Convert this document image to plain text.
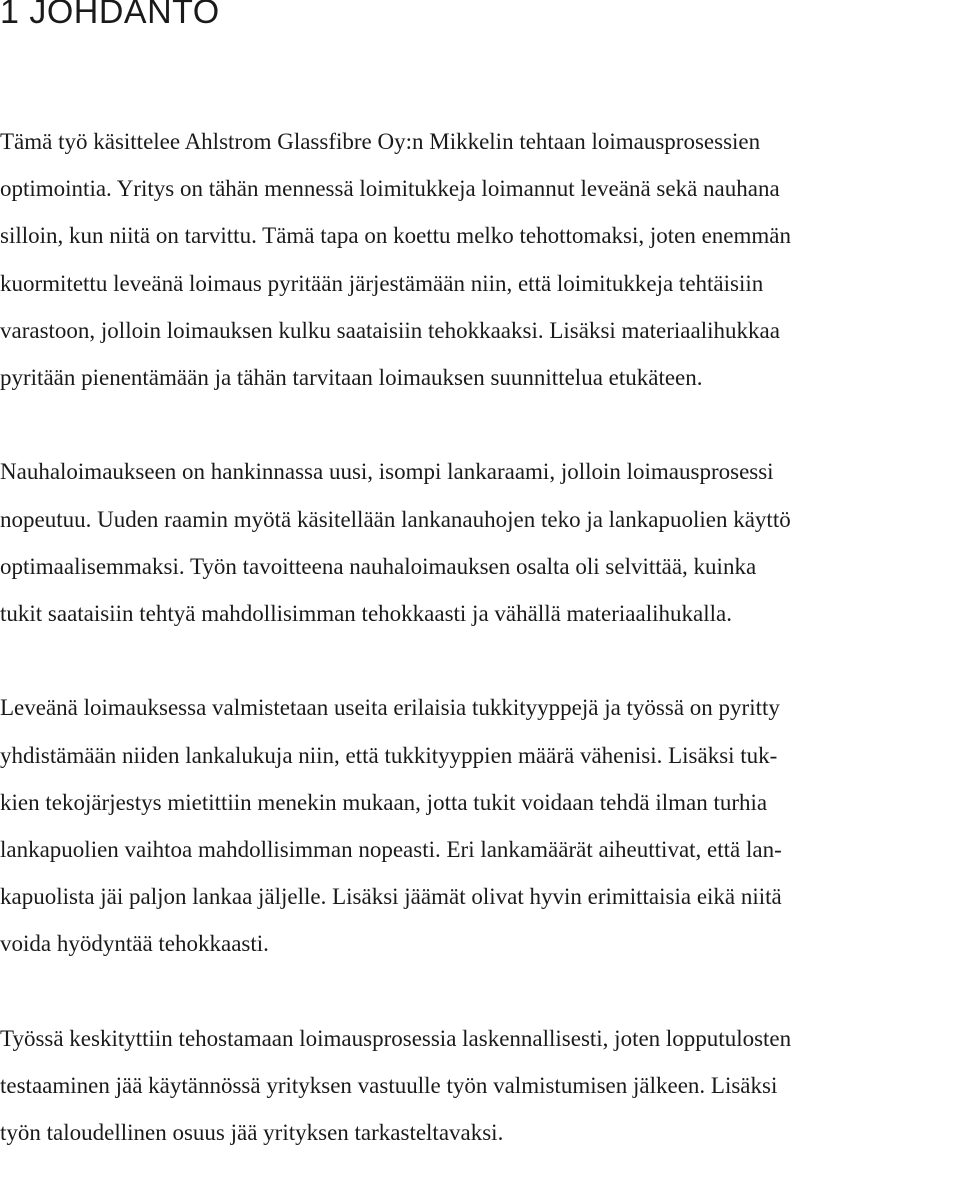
1 JOHDANTO

Tämä työ käsittelee Ahlstrom Glassfibre Oy:n Mikkelin tehtaan loimausprosessien
optimointia. Yritys on tähän mennessä loimitukkeja loimannut leveänä sekä nauhana
silloin, kun niitä on tarvittu. Tämä tapa on koettu melko tehottomaksi, joten enemmän
kuormitettu leveänä loimaus pyritään järjestämään niin, että loimitukkeja tehtäisiin
varastoon, jolloin loimauksen kulku saataisiin tehokkaaksi. Lisäksi materiaalihukkaa
pyritään pienentämään ja tähän tarvitaan loimauksen suunnittelua etukäteen.

Nauhaloimaukseen on hankinnassa uusi, isompi lankaraami, jolloin loimausprosessi
nopeutuu. Uuden raamin myötä käsitellään lankanauhojen teko ja lankapuolien käyttö
optimaalisemmaksi. Työn tavoitteena nauhaloimauksen osalta oli selvittää, kuinka
tukit saataisiin tehtyä mahdollisimman tehokkaasti ja vähällä materiaalihukalla.

Leveänä loimauksessa valmistetaan useita erilaisia tukkityyppejä ja työssä on pyritty
yhdistämään niiden lankalukuja niin, että tukkityyppien määrä vähenisi. Lisäksi tuk-
kien tekojärjestys mietittiin menekin mukaan, jotta tukit voidaan tehdä ilman turhia
lankapuolien vaihtoa mahdollisimman nopeasti. Eri lankamäärät aiheuttivat, että lan-
kapuolista jäi paljon lankaa jäljelle. Lisäksi jäämät olivat hyvin erimittaisia eikä niitä
voida hyödyntää tehokkaasti.

Työssä keskityttiin tehostamaan loimausprosessia laskennallisesti, joten lopputulosten
testaaminen jää käytännössä yrityksen vastuulle työn valmistumisen jälkeen. Lisäksi
työn taloudellinen osuus jää yrityksen tarkasteltavaksi.
